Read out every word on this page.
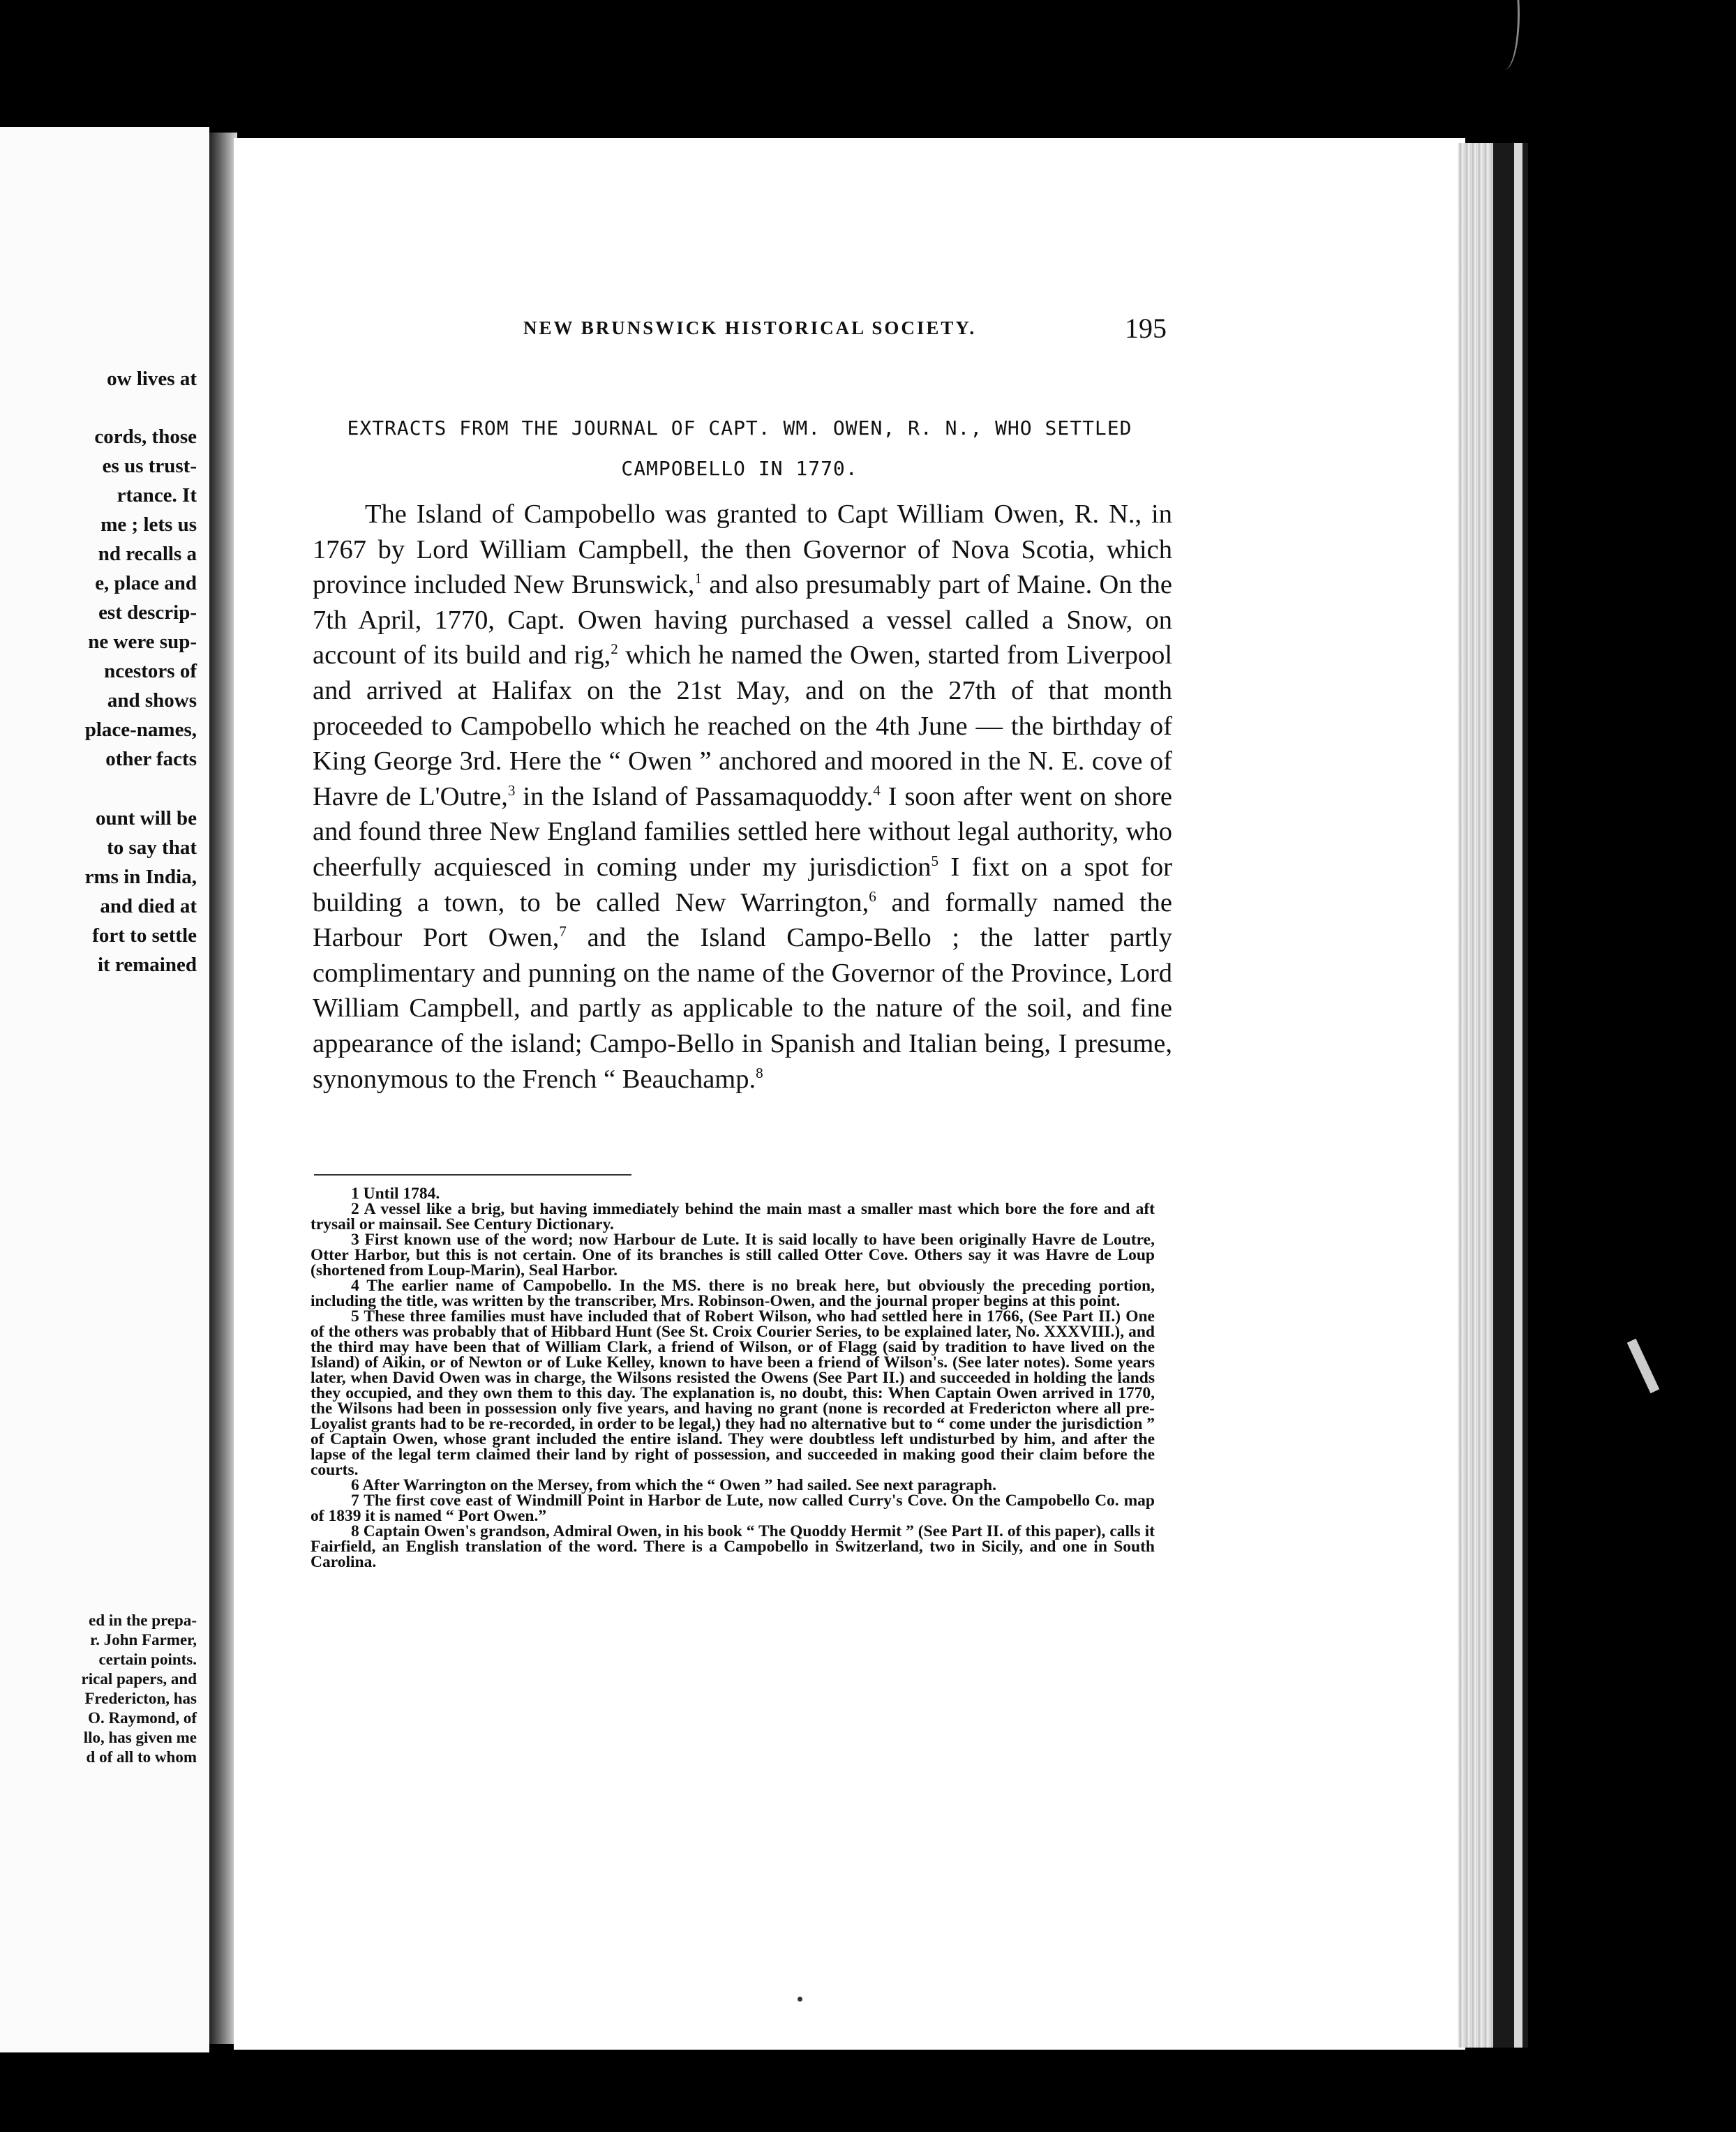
ow lives at
cords, those
es us trust-
rtance. It
me ; lets us
nd recalls a
e, place and
est descrip-
ne were sup-
ncestors of
and shows
place-names,
other facts
ount will be
to say that
rms in India,
and died at
fort to settle
it remained
ed in the prepa-
r. John Farmer,
certain points.
rical papers, and
Fredericton, has
O. Raymond, of
llo, has given me
d of all to whom
NEW BRUNSWICK HISTORICAL SOCIETY.	195
EXTRACTS FROM THE JOURNAL OF CAPT. WM. OWEN, R. N., WHO SETTLED
CAMPOBELLO IN 1770.
The Island of Campobello was granted to Capt William Owen, R. N., in 1767 by Lord William Campbell, the then Governor of Nova Scotia, which province included New Brunswick,$^1$ and also presumably part of Maine. On the 7th April, 1770, Capt. Owen having purchased a vessel called a Snow, on account of its build and rig,$^2$ which he named the Owen, started from Liverpool and arrived at Halifax on the 21st May, and on the 27th of that month proceeded to Campobello which he reached on the 4th June — the birthday of King George 3rd. Here the “ Owen ” anchored and moored in the N. E. cove of Havre de L'Outre,$^3$ in the Island of Passamaquoddy.$^4$ I soon after went on shore and found three New England families settled here without legal authority, who cheerfully acquiesced in coming under my jurisdiction$^5$ I fixt on a spot for building a town, to be called New Warrington,$^6$ and formally named the Harbour Port Owen,$^7$ and the Island Campo-Bello ; the latter partly complimentary and punning on the name of the Governor of the Province, Lord William Campbell, and partly as applicable to the nature of the soil, and fine appearance of the island; Campo-Bello in Spanish and Italian being, I presume, synonymous to the French “ Beauchamp.$^8$

1 Until 1784.

2 A vessel like a brig, but having immediately behind the main mast a smaller mast which bore the fore and aft trysail or mainsail. See Century Dictionary.

3 First known use of the word; now Harbour de Lute. It is said locally to have been originally Havre de Loutre, Otter Harbor, but this is not certain. One of its branches is still called Otter Cove. Others say it was Havre de Loup (shortened from Loup-Marin), Seal Harbor.

4 The earlier name of Campobello. In the MS. there is no break here, but obviously the preceding portion, including the title, was written by the transcriber, Mrs. Robinson-Owen, and the journal proper begins at this point.

5 These three families must have included that of Robert Wilson, who had settled here in 1766, (See Part II.) One of the others was probably that of Hibbard Hunt (See St. Croix Courier Series, to be explained later, No. XXXVIII.), and the third may have been that of William Clark, a friend of Wilson, or of Flagg (said by tradition to have lived on the Island) of Aikin, or of Newton or of Luke Kelley, known to have been a friend of Wilson's. (See later notes). Some years later, when David Owen was in charge, the Wilsons resisted the Owens (See Part II.) and succeeded in holding the lands they occupied, and they own them to this day. The explanation is, no doubt, this: When Captain Owen arrived in 1770, the Wilsons had been in possession only five years, and having no grant (none is recorded at Fredericton where all pre-Loyalist grants had to be re-recorded, in order to be legal,) they had no alternative but to “ come under the jurisdiction ” of Captain Owen, whose grant included the entire island. They were doubtless left undisturbed by him, and after the lapse of the legal term claimed their land by right of possession, and succeeded in making good their claim before the courts.

6 After Warrington on the Mersey, from which the “ Owen ” had sailed. See next paragraph.

7 The first cove east of Windmill Point in Harbor de Lute, now called Curry's Cove. On the Campobello Co. map of 1839 it is named “ Port Owen.”

8 Captain Owen's grandson, Admiral Owen, in his book “ The Quoddy Hermit ” (See Part II. of this paper), calls it Fairfield, an English translation of the word. There is a Campobello in Switzerland, two in Sicily, and one in South Carolina.
